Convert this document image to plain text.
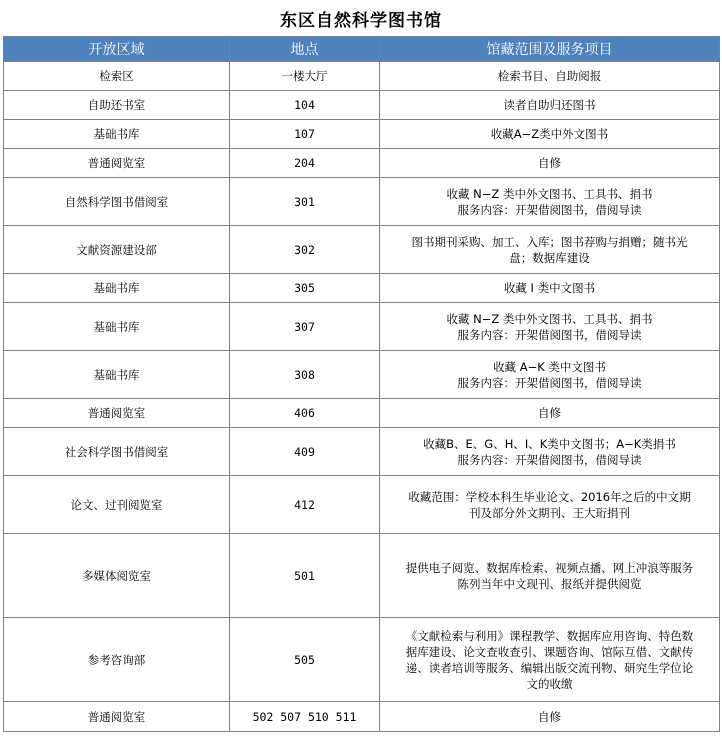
东区自然科学图书馆
开放区域	地点	馆藏范围及服务项目
检索区	一楼大厅	检索书目、自助阅报

自助还书室	104	读者自助归还图书

基础书库	107	收藏A−Z类中外文图书

普通阅览室	204	自修

自然科学图书借阅室	301	收藏 N−Z 类中外文图书、工具书、捐书
服务内容：开架借阅图书，借阅导读

文献资源建设部	302	图书期刊采购、加工、入库；图书荐购与捐赠；随书光
盘；数据库建设

基础书库	305	收藏 I 类中文图书

基础书库	307	收藏 N−Z 类中外文图书、工具书、捐书
服务内容：开架借阅图书，借阅导读

基础书库	308	收藏 A−K 类中文图书
服务内容：开架借阅图书，借阅导读

普通阅览室	406	自修

社会科学图书借阅室	409	收藏B、E、G、H、I、K类中文图书；A−K类捐书
服务内容：开架借阅图书，借阅导读

论文、过刊阅览室	412	收藏范围：学校本科生毕业论文、2016年之后的中文期
刊及部分外文期刊、王大珩捐刊

多媒体阅览室	501	提供电子阅览、数据库检索、视频点播、网上冲浪等服务
陈列当年中文现刊、报纸并提供阅览

参考咨询部	505	《文献检索与利用》课程教学、数据库应用咨询、特色数
据库建设、论文查收查引、课题咨询、馆际互借、文献传
递、读者培训等服务、编辑出版交流刊物、研究生学位论
文的收缴

普通阅览室	502 507 510 511	自修
